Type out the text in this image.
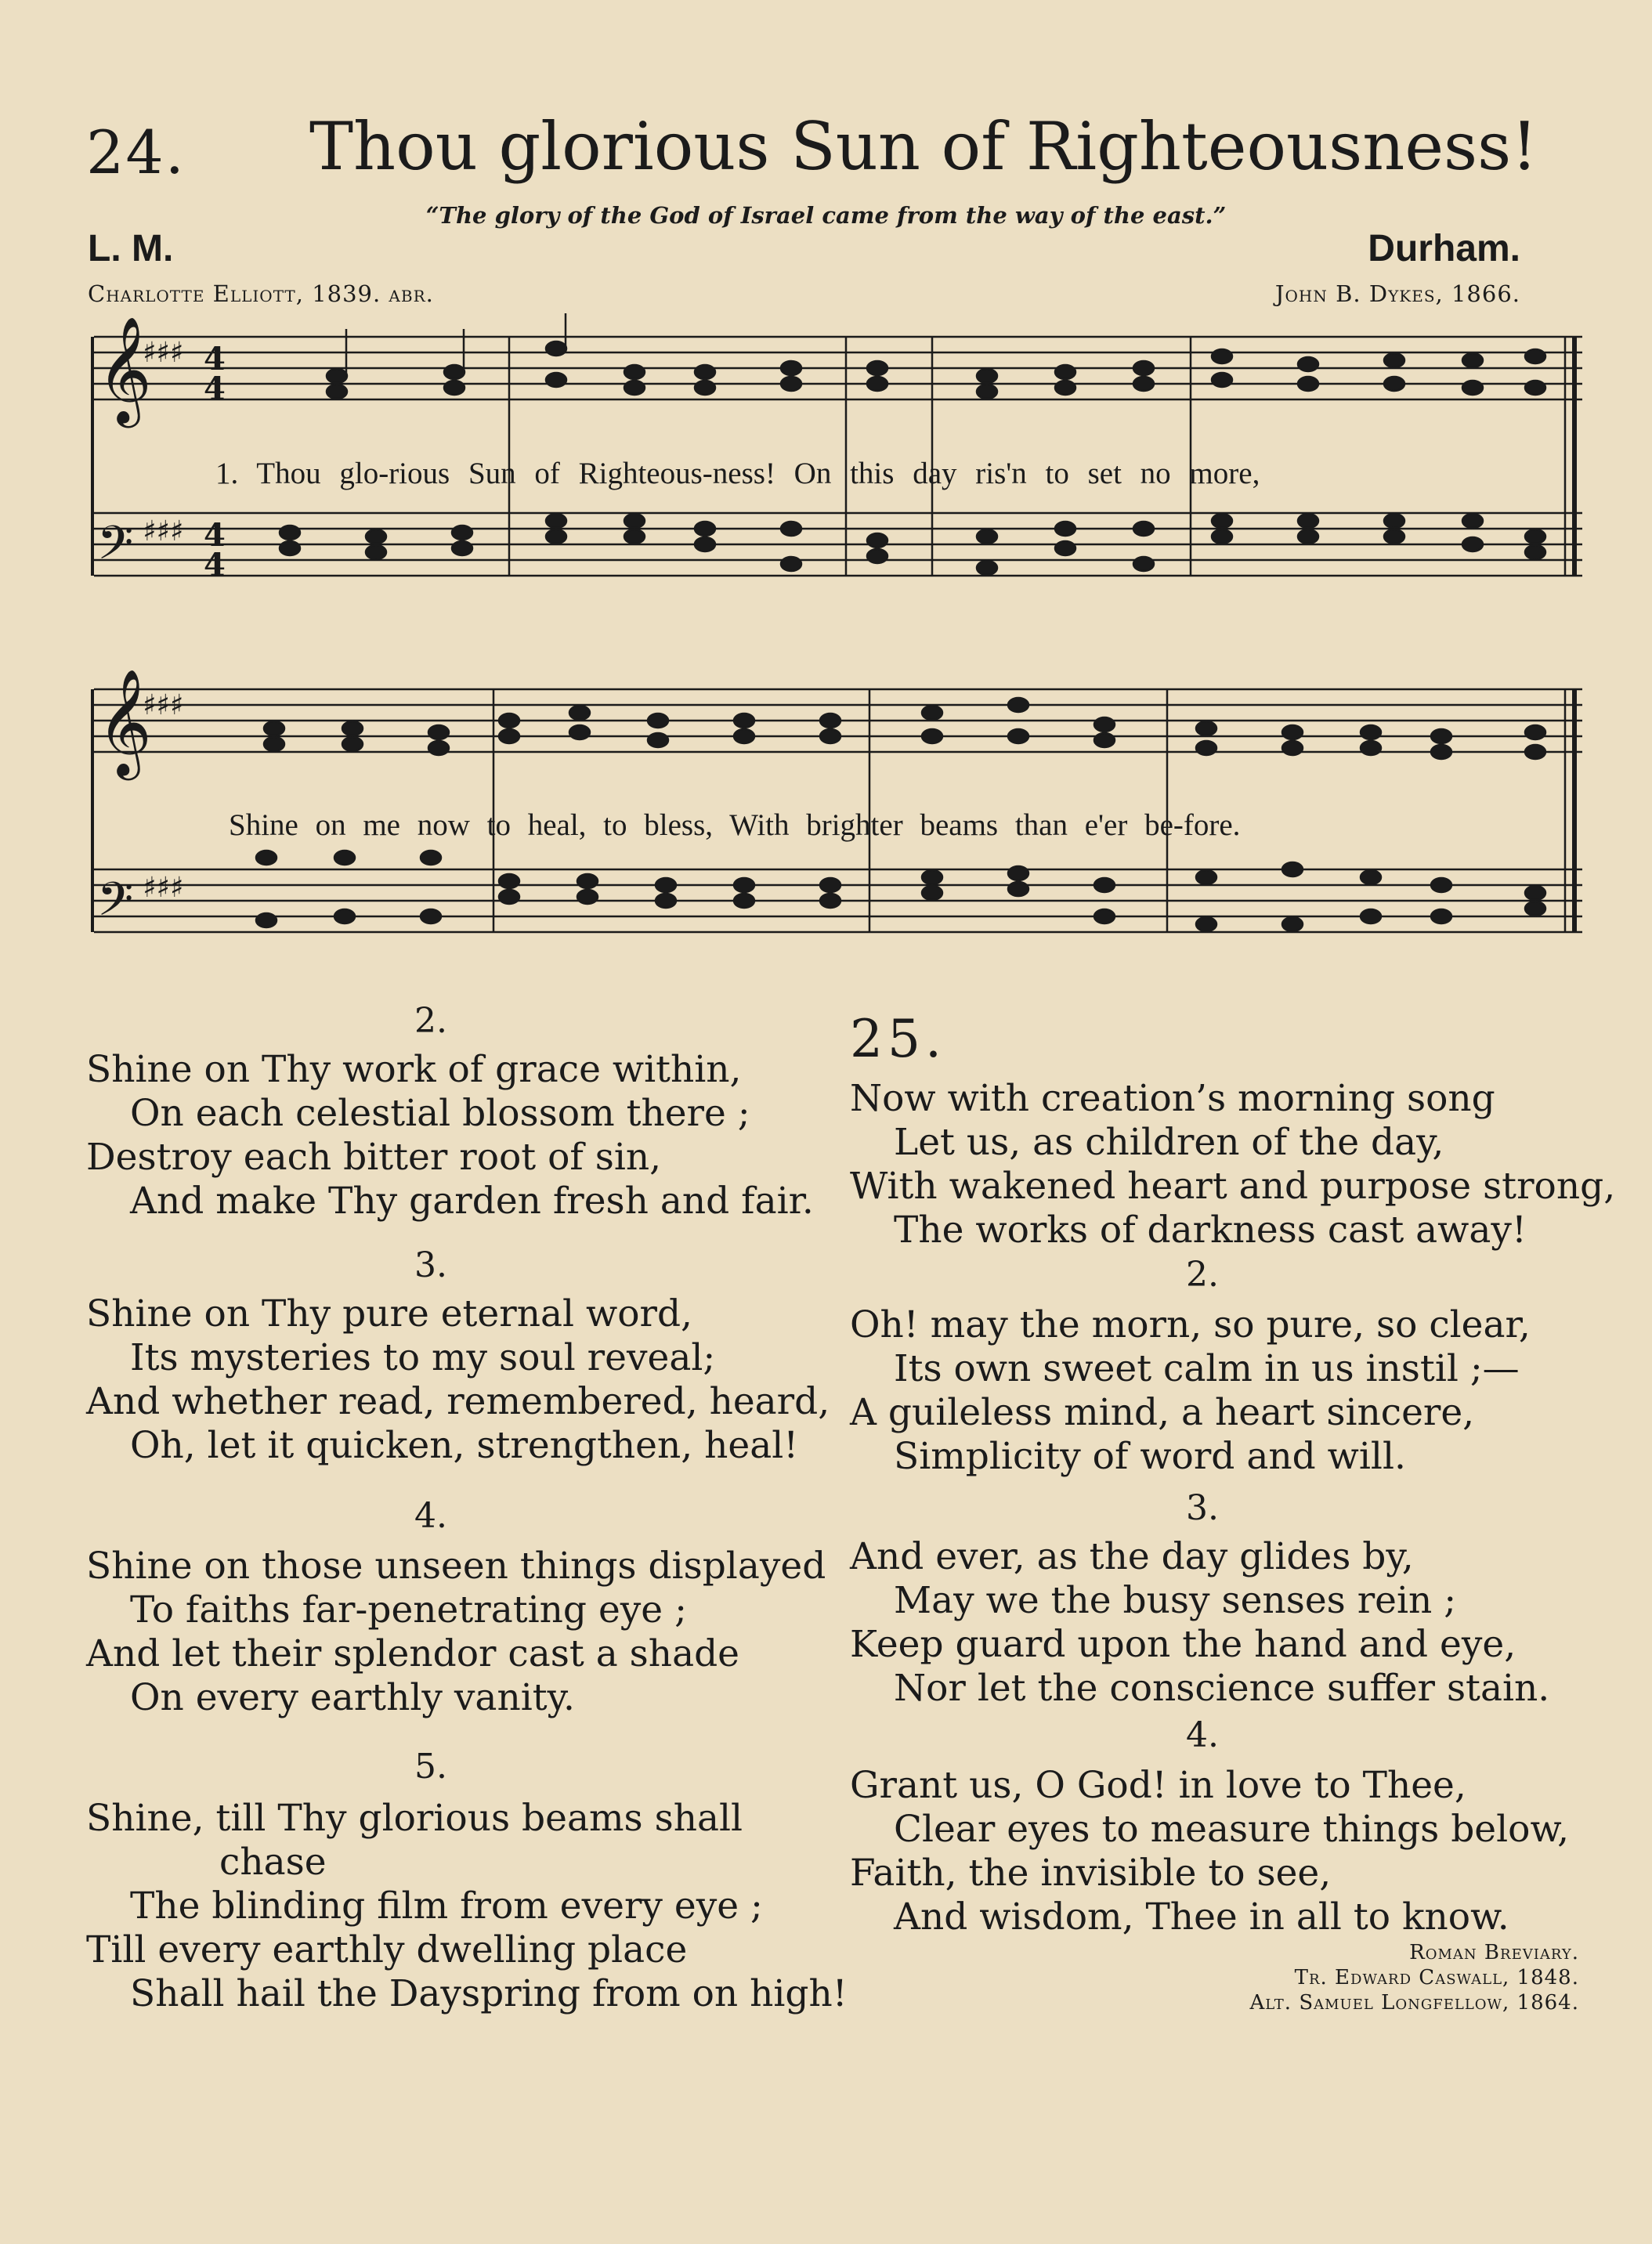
24. Thou glorious Sun of Righteousness!
“The glory of the God of Israel came from the way of the east.”
L. M.	Durham.
Charlotte Elliott, 1839. abr.	John B. Dykes, 1866.
𝄞
𝄢
♯♯♯
♯♯♯
4
4
4
4
1. Thou glo-rious Sun of Righteous-ness! On this day ris'n to set no more,
𝄞
𝄢
♯♯♯
♯♯♯
Shine on me now to heal, to bless, With brighter beams than e'er be-fore.
2.
Shine on Thy work of grace within,
On each celestial blossom there ;
Destroy each bitter root of sin,
And make Thy garden fresh and fair.
3.
Shine on Thy pure eternal word,
Its mysteries to my soul reveal;
And whether read, remembered, heard,
Oh, let it quicken, strengthen, heal!
4.
Shine on those unseen things displayed
To faiths far-penetrating eye ;
And let their splendor cast a shade
On every earthly vanity.
5.
Shine, till Thy glorious beams shall
chase
The blinding film from every eye ;
Till every earthly dwelling place
Shall hail the Dayspring from on high!
25.
Now with creation’s morning song
Let us, as children of the day,
With wakened heart and purpose strong,
The works of darkness cast away!
2.
Oh! may the morn, so pure, so clear,
Its own sweet calm in us instil ;—
A guileless mind, a heart sincere,
Simplicity of word and will.
3.
And ever, as the day glides by,
May we the busy senses rein ;
Keep guard upon the hand and eye,
Nor let the conscience suffer stain.
4.
Grant us, O God! in love to Thee,
Clear eyes to measure things below,
Faith, the invisible to see,
And wisdom, Thee in all to know.
Roman Breviary.
Tr. Edward Caswall, 1848.
Alt. Samuel Longfellow, 1864.
